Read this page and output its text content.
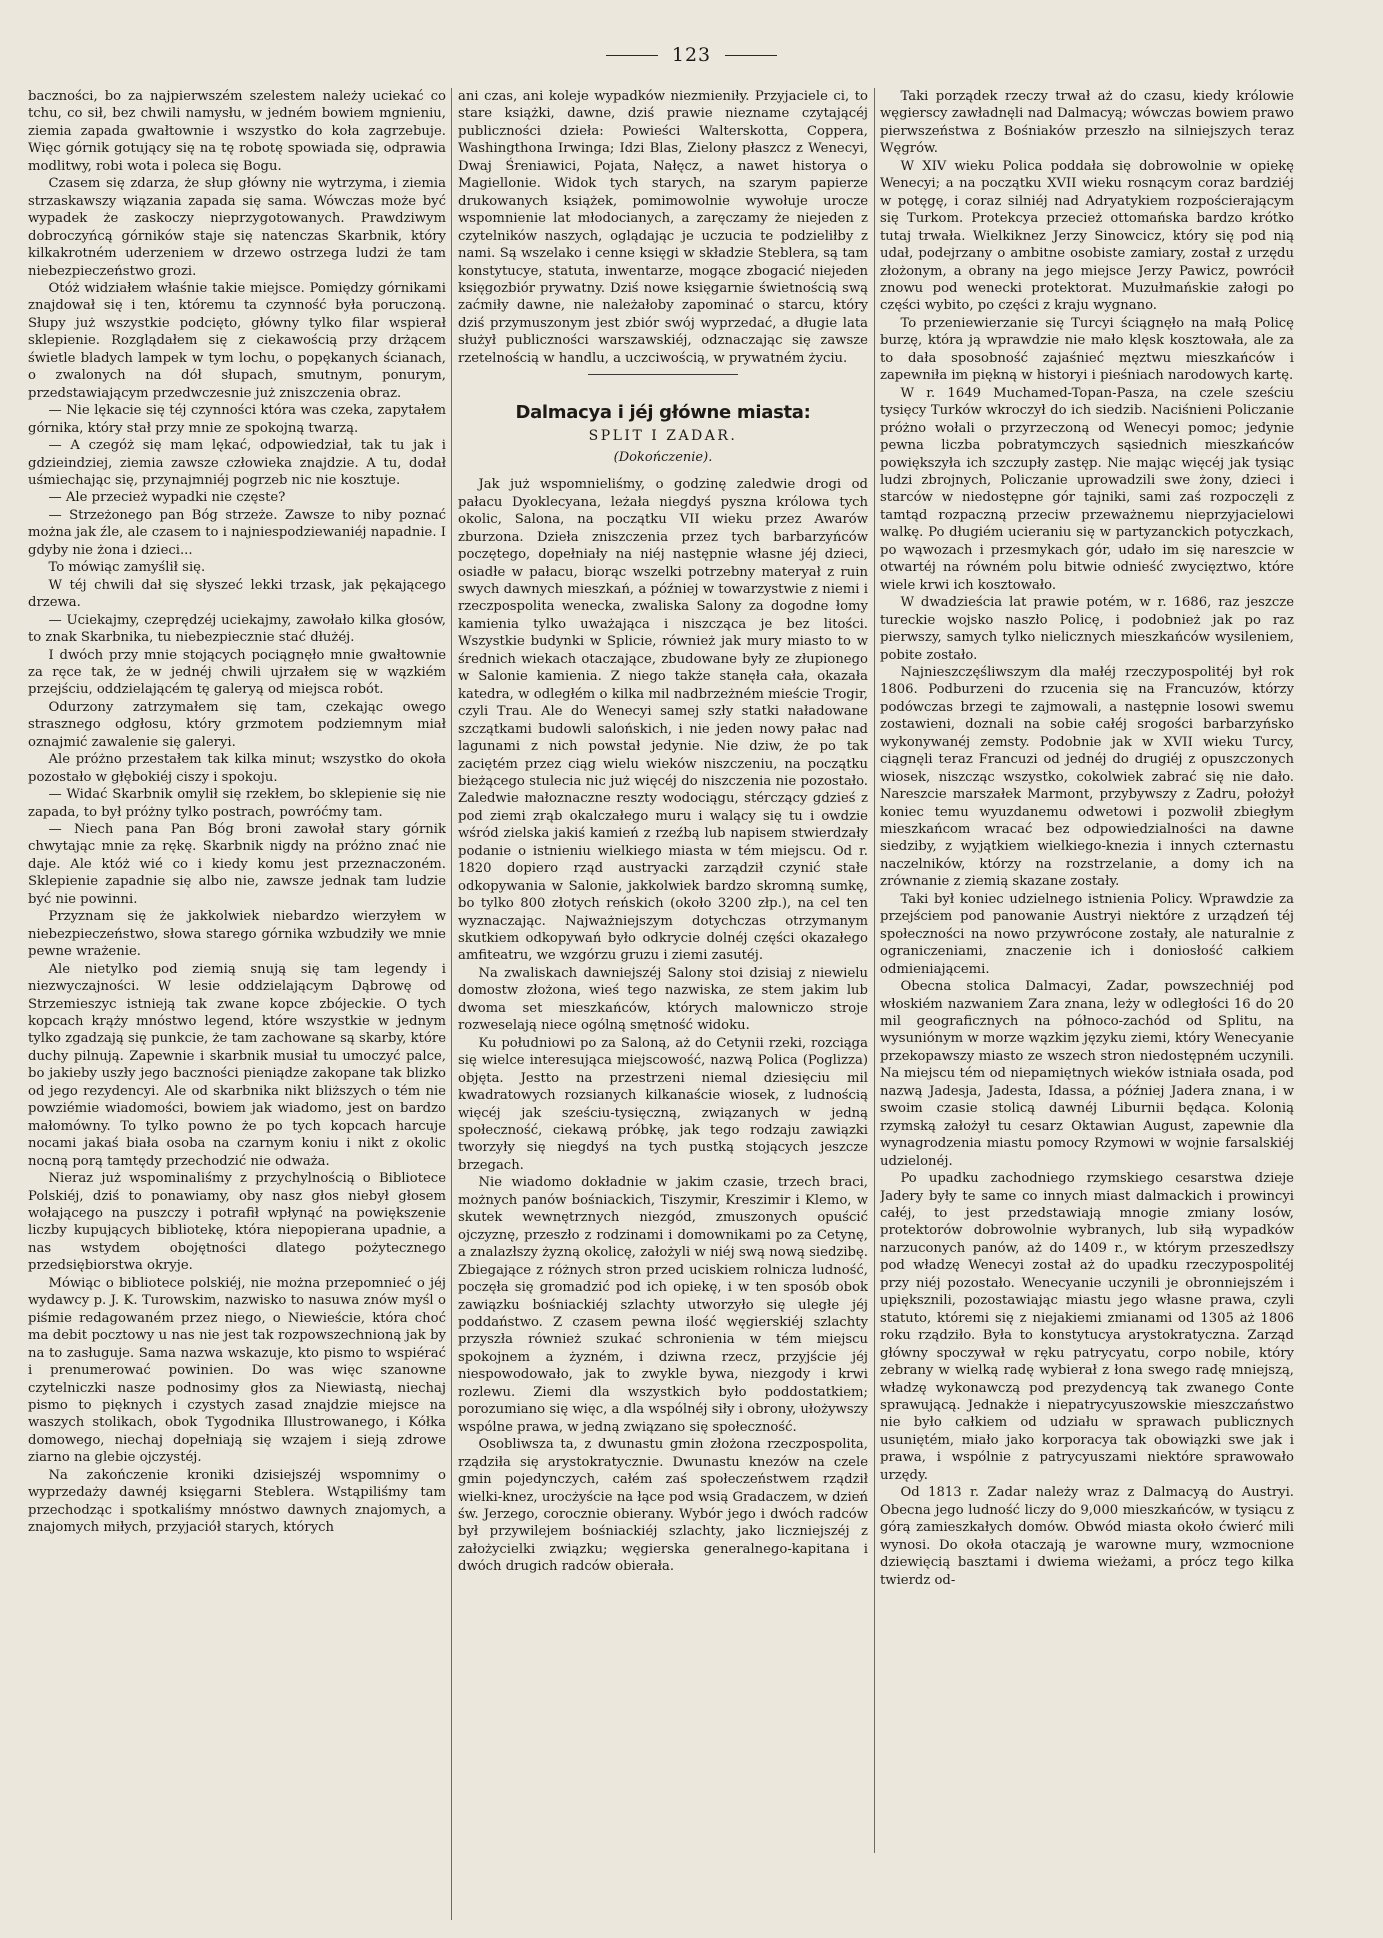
123

baczności, bo za najpierwszém szelestem należy uciekać co tchu, co sił, bez chwili namysłu, w jedném bowiem mgnieniu, ziemia zapada gwałtownie i wszystko do koła zagrzebuje. Więc górnik gotujący się na tę robotę spowiada się, odprawia modlitwy, robi wota i poleca się Bogu.

Czasem się zdarza, że słup główny nie wytrzyma, i ziemia strzaskawszy wiązania zapada się sama. Wówczas może być wypadek że zaskoczy nieprzygotowanych. Prawdziwym dobroczyńcą górników staje się natenczas Skarbnik, który kilkakrotném uderzeniem w drzewo ostrzega ludzi że tam niebezpieczeństwo grozi.

Otóż widziałem właśnie takie miejsce. Pomiędzy górnikami znajdował się i ten, któremu ta czynność była poruczoną. Słupy już wszystkie podcięto, główny tylko filar wspierał sklepienie. Rozglądałem się z ciekawością przy drżącem świetle bladych lampek w tym lochu, o popękanych ścianach, o zwalonych na dół słupach, smutnym, ponurym, przedstawiającym przedwczesnie już zniszczenia obraz.

— Nie lękacie się téj czynności która was czeka, zapytałem górnika, który stał przy mnie ze spokojną twarzą.

— A czegóż się mam lękać, odpowiedział, tak tu jak i gdzieindziej, ziemia zawsze człowieka znajdzie. A tu, dodał uśmiechając się, przynajmniéj pogrzeb nic nie kosztuje.

— Ale przecież wypadki nie częste?

— Strzeżonego pan Bóg strzeże. Zawsze to niby poznać można jak źle, ale czasem to i najniespodziewaniéj napadnie. I gdyby nie żona i dzieci...

To mówiąc zamyślił się.

W téj chwili dał się słyszeć lekki trzask, jak pękającego drzewa.

— Uciekajmy, czeprędzéj uciekajmy, zawołało kilka głosów, to znak Skarbnika, tu niebezpiecznie stać dłużéj.

I dwóch przy mnie stojących pociągnęło mnie gwałtownie za ręce tak, że w jednéj chwili ujrzałem się w wązkiém przejściu, oddzielającém tę galeryą od miejsca robót.

Odurzony zatrzymałem się tam, czekając owego strasznego odgłosu, który grzmotem podziemnym miał oznajmić zawalenie się galeryi.

Ale próżno przestałem tak kilka minut; wszystko do okoła pozostało w głębokiéj ciszy i spokoju.

— Widać Skarbnik omylił się rzekłem, bo sklepienie się nie zapada, to był próżny tylko postrach, powróćmy tam.

— Niech pana Pan Bóg broni zawołał stary górnik chwytając mnie za rękę. Skarbnik nigdy na próżno znać nie daje. Ale któż wié co i kiedy komu jest przeznaczoném. Sklepienie zapadnie się albo nie, zawsze jednak tam ludzie być nie powinni.

Przyznam się że jakkolwiek niebardzo wierzyłem w niebezpieczeństwo, słowa starego górnika wzbudziły we mnie pewne wrażenie.

Ale nietylko pod ziemią snują się tam legendy i niezwyczajności. W lesie oddzielającym Dąbrowę od Strzemieszyc istnieją tak zwane kopce zbójeckie. O tych kopcach krąży mnóstwo legend, które wszystkie w jednym tylko zgadzają się punkcie, że tam zachowane są skarby, które duchy pilnują. Zapewnie i skarbnik musiał tu umoczyć palce, bo jakieby uszły jego baczności pieniądze zakopane tak blizko od jego rezydencyi. Ale od skarbnika nikt bliższych o tém nie powziémie wiadomości, bowiem jak wiadomo, jest on bardzo małomówny. To tylko powno że po tych kopcach harcuje nocami jakaś biała osoba na czarnym koniu i nikt z okolic nocną porą tamtędy przechodzić nie odważa.

Nieraz już wspominaliśmy z przychylnością o Bibliotece Polskiéj, dziś to ponawiamy, oby nasz głos niebył głosem wołającego na puszczy i potrafił wpłynąć na powiększenie liczby kupujących bibliotekę, która niepopierana upadnie, a nas wstydem obojętności dlatego pożytecznego przedsiębiorstwa okryje.

Mówiąc o bibliotece polskiéj, nie można przepomnieć o jéj wydawcy p. J. K. Turowskim, nazwisko to nasuwa znów myśl o piśmie redagowaném przez niego, o Niewieście, która choć ma debit pocztowy u nas nie jest tak rozpowszechnioną jak by na to zasługuje. Sama nazwa wskazuje, kto pismo to wspiérać i prenumerować powinien. Do was więc szanowne czytelniczki nasze podnosimy głos za Niewiastą, niechaj pismo to pięknych i czystych zasad znajdzie miejsce na waszych stolikach, obok Tygodnika Illustrowanego, i Kółka domowego, niechaj dopełniają się wzajem i sieją zdrowe ziarno na glebie ojczystéj.

Na zakończenie kroniki dzisiejszéj wspomnimy o wyprzedaży dawnéj księgarni Steblera. Wstąpiliśmy tam przechodząc i spotkaliśmy mnóstwo dawnych znajomych, a znajomych miłych, przyjaciół starych, których

ani czas, ani koleje wypadków niezmieniły. Przyjaciele ci, to stare książki, dawne, dziś prawie niezname czytającéj publiczności dzieła: Powieści Walterskotta, Coppera, Washingthona Irwinga; Idzi Blas, Zielony płaszcz z Wenecyi, Dwaj Śreniawici, Pojata, Nałęcz, a nawet historya o Magiellonie. Widok tych starych, na szarym papierze drukowanych książek, pomimowolnie wywołuje urocze wspomnienie lat młodocianych, a zaręczamy że niejeden z czytelników naszych, oglądając je uczucia te podzieliłby z nami. Są wszelako i cenne księgi w składzie Steblera, są tam konstytucye, statuta, inwentarze, mogące zbogacić niejeden księgozbiór prywatny. Dziś nowe księgarnie świetnością swą zaćmiły dawne, nie należałoby zapominać o starcu, który dziś przymuszonym jest zbiór swój wyprzedać, a długie lata służył publiczności warszawskiéj, odznaczając się zawsze rzetelnością w handlu, a uczciwością, w prywatném życiu.

Dalmacya i jéj główne miasta:
SPLIT I ZADAR.
(Dokończenie).

Jak już wspomnieliśmy, o godzinę zaledwie drogi od pałacu Dyoklecyana, leżała niegdyś pyszna królowa tych okolic, Salona, na początku VII wieku przez Awarów zburzona. Dzieła zniszczenia przez tych barbarzyńców poczętego, dopełniały na niéj następnie własne jéj dzieci, osiadłe w pałacu, biorąc wszelki potrzebny materyał z ruin swych dawnych mieszkań, a później w towarzystwie z niemi i rzeczpospolita wenecka, zwaliska Salony za dogodne łomy kamienia tylko uważająca i niszcząca je bez litości. Wszystkie budynki w Splicie, również jak mury miasto to w średnich wiekach otaczające, zbudowane były ze złupionego w Salonie kamienia. Z niego także stanęła cała, okazała katedra, w odległém o kilka mil nadbrzeżném mieście Trogir, czyli Trau. Ale do Wenecyi samej szły statki naładowane szczątkami budowli salońskich, i nie jeden nowy pałac nad lagunami z nich powstał jedynie. Nie dziw, że po tak zaciętém przez ciąg wielu wieków niszczeniu, na początku bieżącego stulecia nic już więcéj do niszczenia nie pozostało. Zaledwie małoznaczne reszty wodociągu, stérczący gdzieś z pod ziemi zrąb okalczałego muru i walący się tu i owdzie wśród zielska jakiś kamień z rzeźbą lub napisem stwierdzały podanie o istnieniu wielkiego miasta w tém miejscu. Od r. 1820 dopiero rząd austryacki zarządził czynić stałe odkopywania w Salonie, jakkolwiek bardzo skromną sumkę, bo tylko 800 złotych reńskich (około 3200 złp.), na cel ten wyznaczając. Najważniejszym dotychczas otrzymanym skutkiem odkopywań było odkrycie dolnéj części okazałego amfiteatru, we wzgórzu gruzu i ziemi zasutéj.

Na zwaliskach dawniejszéj Salony stoi dzisiaj z niewielu domostw złożona, wieś tego nazwiska, ze stem jakim lub dwoma set mieszkańców, których malowniczo stroje rozweselają niece ogólną smętność widoku.

Ku południowi po za Saloną, aż do Cetynii rzeki, rozciąga się wielce interesująca miejscowość, nazwą Polica (Poglizza) objęta. Jestto na przestrzeni niemal dziesięciu mil kwadratowych rozsianych kilkanaście wiosek, z ludnością więcéj jak sześciu-tysięczną, związanych w jedną społeczność, ciekawą próbkę, jak tego rodzaju zawiązki tworzyły się niegdyś na tych pustką stojących jeszcze brzegach.

Nie wiadomo dokładnie w jakim czasie, trzech braci, możnych panów bośniackich, Tiszymir, Kreszimir i Klemo, w skutek wewnętrznych niezgód, zmuszonych opuścić ojczyznę, przeszło z rodzinami i domownikami po za Cetynę, a znalazłszy żyzną okolicę, założyli w niéj swą nową siedzibę. Zbiegające z różnych stron przed uciskiem rolnicza ludność, poczęła się gromadzić pod ich opiekę, i w ten sposób obok zawiązku bośniackiéj szlachty utworzyło się uległe jéj poddaństwo. Z czasem pewna ilość węgierskiéj szlachty przyszła również szukać schronienia w tém miejscu spokojnem a żyzném, i dziwna rzecz, przyjście jéj niespowodowało, jak to zwykle bywa, niezgody i krwi rozlewu. Ziemi dla wszystkich było poddostatkiem; porozumiano się więc, a dla wspólnéj siły i obrony, ułożywszy wspólne prawa, w jedną związano się społeczność.

Osobliwsza ta, z dwunastu gmin złożona rzeczpospolita, rządziła się arystokratycznie. Dwunastu knezów na czele gmin pojedynczych, całém zaś społeczeństwem rządził wielki-knez, urocżyście na łące pod wsią Gradaczem, w dzień św. Jerzego, corocznie obierany. Wybór jego i dwóch radców był przywilejem bośniackiéj szlachty, jako liczniejszéj z założycielki związku; węgierska generalnego-kapitana i dwóch drugich radców obierała.

Taki porządek rzeczy trwał aż do czasu, kiedy królowie węgierscy zawładnęli nad Dalmacyą; wówczas bowiem prawo pierwszeństwa z Bośniaków przeszło na silniejszych teraz Węgrów.

W XIV wieku Polica poddała się dobrowolnie w opiekę Wenecyi; a na początku XVII wieku rosnącym coraz bardziéj w potęgę, i coraz silniéj nad Adryatykiem rozpościerającym się Turkom. Protekcya przecież ottomańska bardzo krótko tutaj trwała. Wielkiknez Jerzy Sinowcicz, który się pod nią udał, podejrzany o ambitne osobiste zamiary, został z urzędu złożonym, a obrany na jego miejsce Jerzy Pawicz, powrócił znowu pod wenecki protektorat. Muzułmańskie załogi po części wybito, po części z kraju wygnano.

To przeniewierzanie się Turcyi ściągnęło na małą Policę burzę, która ją wprawdzie nie mało klęsk kosztowała, ale za to dała sposobność zajaśnieć męztwu mieszkańców i zapewniła im piękną w historyi i pieśniach narodowych kartę.

W r. 1649 Muchamed-Topan-Pasza, na czele sześciu tysięcy Turków wkroczył do ich siedzib. Naciśnieni Policzanie próżno wołali o przyrzeczoną od Wenecyi pomoc; jedynie pewna liczba pobratymczych sąsiednich mieszkańców powiększyła ich szczupły zastęp. Nie mając więcéj jak tysiąc ludzi zbrojnych, Policzanie uprowadzili swe żony, dzieci i starców w niedostępne gór tajniki, sami zaś rozpoczęli z tamtąd rozpaczną przeciw przeważnemu nieprzyjacielowi walkę. Po długiém ucieraniu się w partyzanckich potyczkach, po wąwozach i przesmykach gór, udało im się nareszcie w otwartéj na równém polu bitwie odnieść zwycięztwo, które wiele krwi ich kosztowało.

W dwadzieścia lat prawie potém, w r. 1686, raz jeszcze tureckie wojsko naszło Policę, i podobnież jak po raz pierwszy, samych tylko nielicznych mieszkańców wysileniem, pobite zostało.

Najnieszczęśliwszym dla małéj rzeczypospolitéj był rok 1806. Podburzeni do rzucenia się na Francuzów, którzy podówczas brzegi te zajmowali, a następnie losowi swemu zostawieni, doznali na sobie całéj srogości barbarzyńsko wykonywanéj zemsty. Podobnie jak w XVII wieku Turcy, ciągnęli teraz Francuzi od jednéj do drugiéj z opuszczonych wiosek, niszcząc wszystko, cokolwiek zabrać się nie dało. Nareszcie marszałek Marmont, przybywszy z Zadru, położył koniec temu wyuzdanemu odwetowi i pozwolił zbiegłym mieszkańcom wracać bez odpowiedzialności na dawne siedziby, z wyjątkiem wielkiego-knezia i innych czternastu naczelników, którzy na rozstrzelanie, a domy ich na zrównanie z ziemią skazane zostały.

Taki był koniec udzielnego istnienia Policy. Wprawdzie za przejściem pod panowanie Austryi niektóre z urządzeń téj społeczności na nowo przywrócone zostały, ale naturalnie z ograniczeniami, znaczenie ich i doniosłość całkiem odmieniającemi.

Obecna stolica Dalmacyi, Zadar, powszechniéj pod włoskiém nazwaniem Zara znana, leży w odległości 16 do 20 mil geograficznych na północo-zachód od Splitu, na wysuniónym w morze wązkim języku ziemi, który Wenecyanie przekopawszy miasto ze wszech stron niedostępném uczynili. Na miejscu tém od niepamiętnych wieków istniała osada, pod nazwą Jadesja, Jadesta, Idassa, a później Jadera znana, i w swoim czasie stolicą dawnéj Liburnii będąca. Kolonią rzymską założył tu cesarz Oktawian August, zapewnie dla wynagrodzenia miastu pomocy Rzymowi w wojnie farsalskiéj udzielonéj.

Po upadku zachodniego rzymskiego cesarstwa dzieje Jadery były te same co innych miast dalmackich i prowincyi całéj, to jest przedstawiają mnogie zmiany losów, protektorów dobrowolnie wybranych, lub siłą wypadków narzuconych panów, aż do 1409 r., w którym przeszedłszy pod władzę Wenecyi został aż do upadku rzeczypospolitéj przy niéj pozostało. Wenecyanie uczynili je obronniejszém i upiększnili, pozostawiając miastu jego własne prawa, czyli statuto, któremi się z niejakiemi zmianami od 1305 aż 1806 roku rządziło. Była to konstytucya arystokratyczna. Zarząd główny spoczywał w ręku patrycyatu, corpo nobile, który zebrany w wielką radę wybierał z łona swego radę mniejszą, władzę wykonawczą pod prezydencyą tak zwanego Conte sprawującą. Jednakże i niepatrycyuszowskie mieszczaństwo nie było całkiem od udziału w sprawach publicznych usuniętém, miało jako korporacya tak obowiązki swe jak i prawa, i wspólnie z patrycyuszami niektóre sprawowało urzędy.

Od 1813 r. Zadar należy wraz z Dalmacyą do Austryi. Obecna jego ludność liczy do 9,000 mieszkańców, w tysiącu z górą zamieszkałych domów. Obwód miasta około ćwierć mili wynosi. Do okoła otaczają je warowne mury, wzmocnione dziewięcią basztami i dwiema wieżami, a prócz tego kilka twierdz od-
